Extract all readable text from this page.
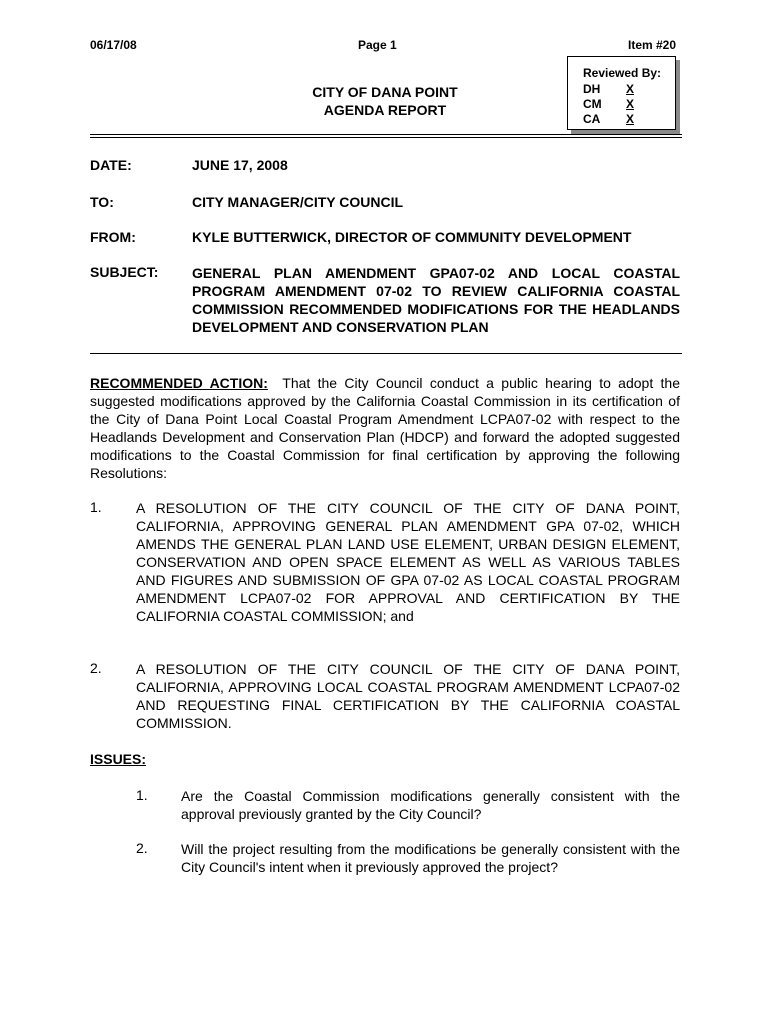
06/17/08	Page 1	Item #20
CITY OF DANA POINT
AGENDA REPORT
Reviewed By:
DH X
CM X
CA X
DATE:	JUNE 17, 2008
TO:	CITY MANAGER/CITY COUNCIL
FROM:	KYLE BUTTERWICK, DIRECTOR OF COMMUNITY DEVELOPMENT
SUBJECT: GENERAL PLAN AMENDMENT GPA07-02 AND LOCAL COASTAL PROGRAM AMENDMENT 07-02 TO REVIEW CALIFORNIA COASTAL COMMISSION RECOMMENDED MODIFICATIONS FOR THE HEADLANDS DEVELOPMENT AND CONSERVATION PLAN
RECOMMENDED ACTION: That the City Council conduct a public hearing to adopt the suggested modifications approved by the California Coastal Commission in its certification of the City of Dana Point Local Coastal Program Amendment LCPA07-02 with respect to the Headlands Development and Conservation Plan (HDCP) and forward the adopted suggested modifications to the Coastal Commission for final certification by approving the following Resolutions:
1. A RESOLUTION OF THE CITY COUNCIL OF THE CITY OF DANA POINT, CALIFORNIA, APPROVING GENERAL PLAN AMENDMENT GPA 07-02, WHICH AMENDS THE GENERAL PLAN LAND USE ELEMENT, URBAN DESIGN ELEMENT, CONSERVATION AND OPEN SPACE ELEMENT AS WELL AS VARIOUS TABLES AND FIGURES AND SUBMISSION OF GPA 07-02 AS LOCAL COASTAL PROGRAM AMENDMENT LCPA07-02 FOR APPROVAL AND CERTIFICATION BY THE CALIFORNIA COASTAL COMMISSION; and
2. A RESOLUTION OF THE CITY COUNCIL OF THE CITY OF DANA POINT, CALIFORNIA, APPROVING LOCAL COASTAL PROGRAM AMENDMENT LCPA07-02 AND REQUESTING FINAL CERTIFICATION BY THE CALIFORNIA COASTAL COMMISSION.
ISSUES:
1. Are the Coastal Commission modifications generally consistent with the approval previously granted by the City Council?
2. Will the project resulting from the modifications be generally consistent with the City Council's intent when it previously approved the project?
